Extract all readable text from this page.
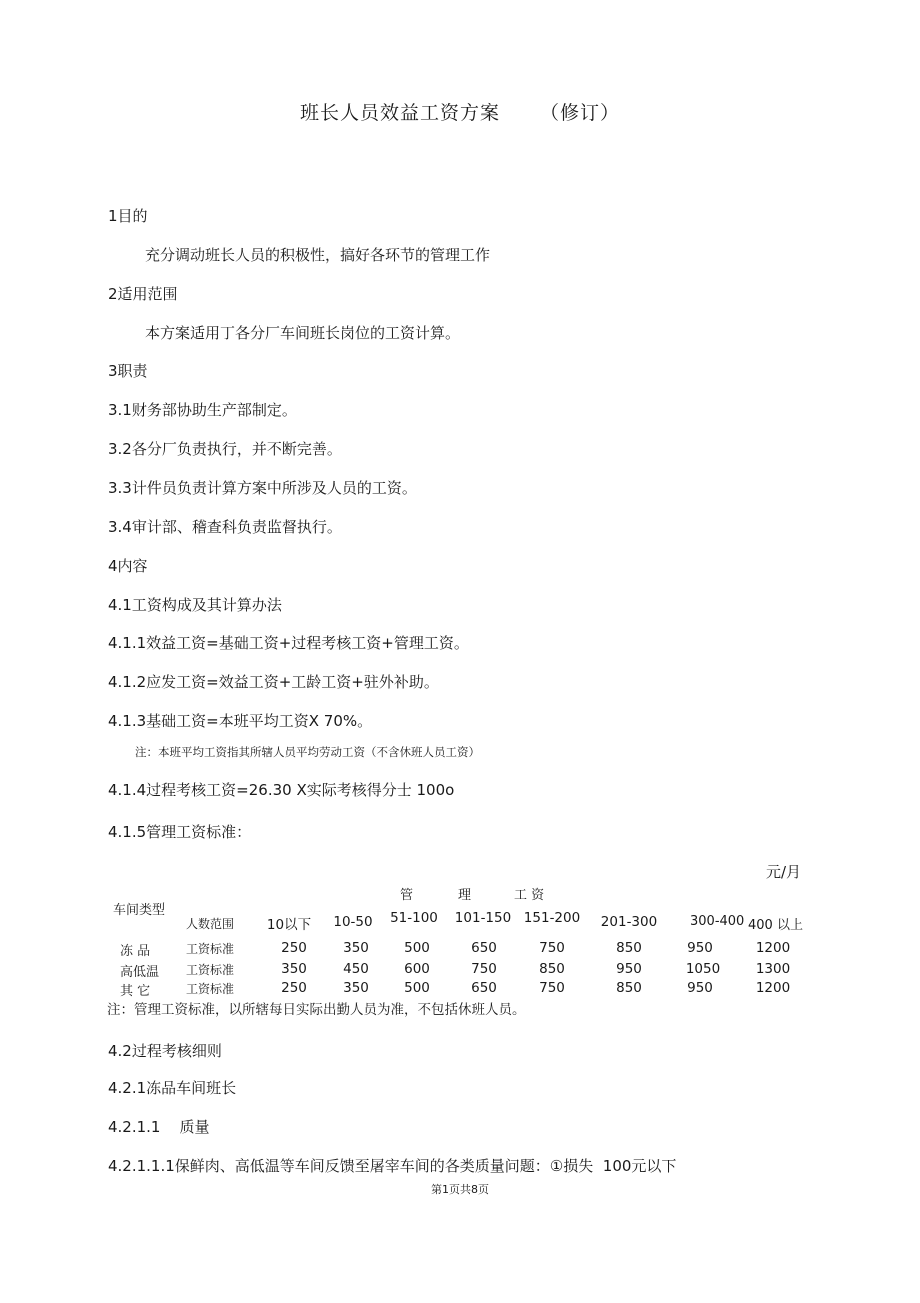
班长人员效益工资方案 （修订）

1目的

充分调动班长人员的积极性，搞好各环节的管理工作

2适用范围

本方案适用丁各分厂车间班长岗位的工资计算。

3职责

3.1财务部协助生产部制定。

3.2各分厂负责执行，并不断完善。

3.3计件员负责计算方案中所涉及人员的工资。

3.4审计部、稽查科负责监督执行。

4内容

4.1工资构成及其计算办法

4.1.1效益工资=基础工资+过程考核工资+管理工资。

4.1.2应发工资=效益工资+工龄工资+驻外补助。

4.1.3基础工资=本班平均工资X 70%。

注：本班平均工资指其所辖人员平均劳动工资（不含休班人员工资）

4.1.4过程考核工资=26.30 X实际考核得分士 100o

4.1.5管理工资标准：

元/月
管	理	工 资
车间类型
人数范围	10以下	10-50	51-100	101-150 151-200 201-300	300-400 400 以上
冻 品	工资标准	250	350	500	650	750	850	950	1200
高低温 工资标准	350	450	600	750	850	950	1050	1300
其 它	工资标准	250	350	500	650	750	850	950	1200
注：管理工资标准，以所辖每日实际出勤人员为准，不包括休班人员。

4.2过程考核细则

4.2.1冻品车间班长

4.2.1.1    质量

4.2.1.1.1保鲜肉、高低温等车间反馈至屠宰车间的各类质量问题：①损失  100元以下

第1页共8页
